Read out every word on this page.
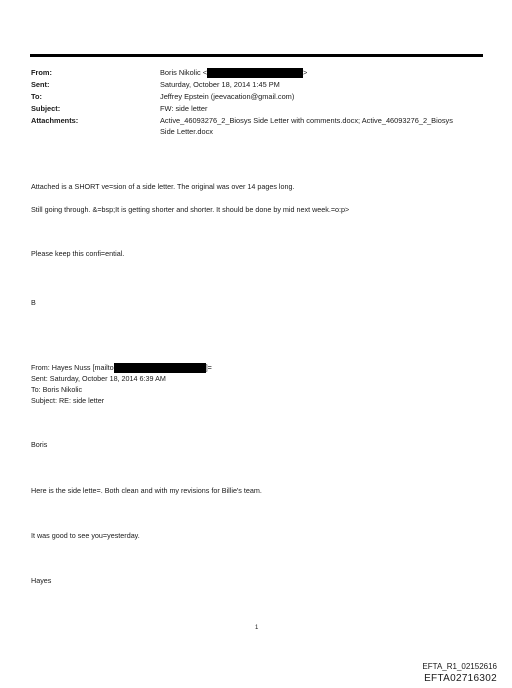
From:
Sent:
To:
Subject:
Attachments:
Boris Nikolic <	>
Saturday, October 18, 2014 1:45 PM
Jeffrey Epstein (jeevacation@gmail.com)
FW: side letter
Active_46093276_2_Biosys Side Letter with comments.docx; Active_46093276_2_Biosys
Side Letter.docx
Attached is a SHORT ve=sion of a side letter. The original was over 14 pages long.
Still going through. &=bsp;It is getting shorter and shorter. It should be done by mid next week.=o:p>
Please keep this confi=ential.
B
From: Hayes Nuss [mailto	]=
Sent: Saturday, October 18, 2014 6:39 AM
To: Boris Nikolic
Subject: RE: side letter
Boris
Here is the side lette=. Both clean and with my revisions for Billie's team.
It was good to see you=yesterday.
Hayes
1
EFTA_R1_02152616
EFTA02716302
